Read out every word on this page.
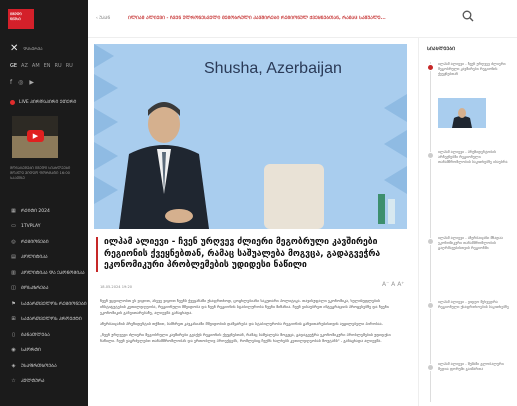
ᲘᲛᲔᲓᲘ
ᲜᲘᲣᲡᲘ
✕ ᲓᲐᲮᲣᲠᲕᲐ
GE AZ AM EN RU RU
f ◎ ▶
LIVE ᲞᲘᲠᲓᲐᲞᲘᲠᲘ ᲔᲗᲔᲠᲘ
▶
ᲛᲝᲜᲐᲪᲔᲛᲔᲑᲘ ᲘᲛᲔᲓᲘ ᲡᲘᲐᲮᲚᲔᲔᲑᲘ ᲛᲝᲙᲚᲔ ᲕᲘᲓᲔᲝ ᲤᲝᲠᲛᲐᲢᲘ 16:00 ᲡᲐᲐᲗᲖᲔ
▦ ᲠᲔᲘᲢᲘ 2024
▭ 1TVPLAY
◎ ᲠᲔᲒᲘᲝᲜᲔᲑᲘ
▤ ᲞᲝᲚᲘᲢᲘᲙᲐ
▥ ᲞᲝᲚᲘᲢᲘᲙᲐ ᲓᲐ ᲔᲙᲝᲜᲝᲛᲘᲙᲐ
◫ ᲛᲝᲡᲐᲖᲠᲔᲑᲐ
⚑ ᲡᲐᲥᲐᲠᲗᲕᲔᲚᲝᲡ ᲠᲔᲒᲘᲝᲜᲔᲑᲘ
⊞ ᲡᲐᲥᲐᲠᲗᲕᲔᲚᲝᲡ ᲞᲠᲝᲔᲥᲢᲘ
▯ ᲒᲐᲜᲐᲗᲚᲔᲑᲐ
◉ ᲡᲞᲝᲠᲢᲘ
◈ ᲣᲡᲐᲤᲠᲗᲮᲝᲔᲑᲐ
☆ ᲙᲣᲚᲢᲣᲠᲐ
‹ ᲣᲙᲐᲜ	ᲘᲚᲘᲐᲛ ᲐᲚᲘᲔᲕᲘ - ᲩᲕᲔᲜ ᲣᲚᲠᲝᲜᲔᲡᲕᲔᲚᲘ ᲛᲔᲒᲝᲑᲠᲣᲚᲘ ᲙᲐᲕᲨᲘᲠᲔᲑᲘ ᲠᲔᲒᲘᲝᲜᲣᲚ ᲥᲕᲔᲧᲜᲔᲑᲗᲐᲜ, ᲠᲐᲛᲐᲪ ᲡᲐᲨᲣᲐᲚᲔ...
Shusha, Azerbaijan
ილჰამ ალიევი - ჩვენ ურღვევ ძლიერი მეგობრული კავშირები რეგიონის ქვეყნებთან, რამაც საშუალება მოგვცა, გადაგვეჭრა ეკონომიკური პრობლემების უდიდესი ნაწილი
18.05.2024 19:20	A⁻ A A⁺

ჩვენ ვცდილობთ ეს ვიყოთ, ასევე ვიყოთ ჩვენს ქვეყანაში უსაფრთხოდ, ცოცხლებიანი საკუთარი პოლიტიკა. თავისუფალი ეკონომიკა, ხელისუფლების ინსტიტუტების კეთილდღეობა, რეგიონული მშვიდობა და ჩვენ რეგიონის სტაბილურობა ჩვენი მიზანია. ჩვენ ვისაუბრეთ ინტეგრაციის პროცესებზე და ჩვენი ეკონომიკის განვითარებაზე, ალიევმა განაცხადა.

აზერბაიჯანის პრეზიდენტის თქმით, სამხრეთ კავკასიაში მშვიდობის დამყარება და სტაბილურობა რეგიონის განვითარებისთვის აუცილებელი პირობაა.

„ჩვენ ურღვევი ძლიერი მეგობრული კავშირები გვაქვს რეგიონის ქვეყნებთან, რამაც საშუალება მოგვცა, გადაგვეჭრა ეკონომიკური პრობლემების უდიდესი ნაწილი. ჩვენ ვაგრძელებთ თანამშრომლობას და ერთობლივ პროექტებს, რომლებიც ჩვენს ხალხებს კეთილდღეობას მოუტანს" - განაცხადა ალიევმა.

ᲡᲘᲐᲮᲚᲔᲔᲑᲘ
ილჰამ ალიევი - ჩვენ ურღვევ ძლიერი მეგობრული კავშირები რეგიონის ქვეყნებთან
ილჰამ ალიევი - პრეზიდენტობის არჩევნებში რეგიონული თანამშრომლობის საკითხებზე ისაუბრა
ილჰამ ალიევი - აზერბაიჯანი მზადაა ეკონომიკური თანამშრომლობის გაღრმავებისთვის რეგიონში
ილჰამ ალიევი - ვიდეო შეხვედრა რეგიონული უსაფრთხოების საკითხებზე
ილჰამ ალიევი - შუშაში გლობალური მედია ფორუმი გაიმართა
